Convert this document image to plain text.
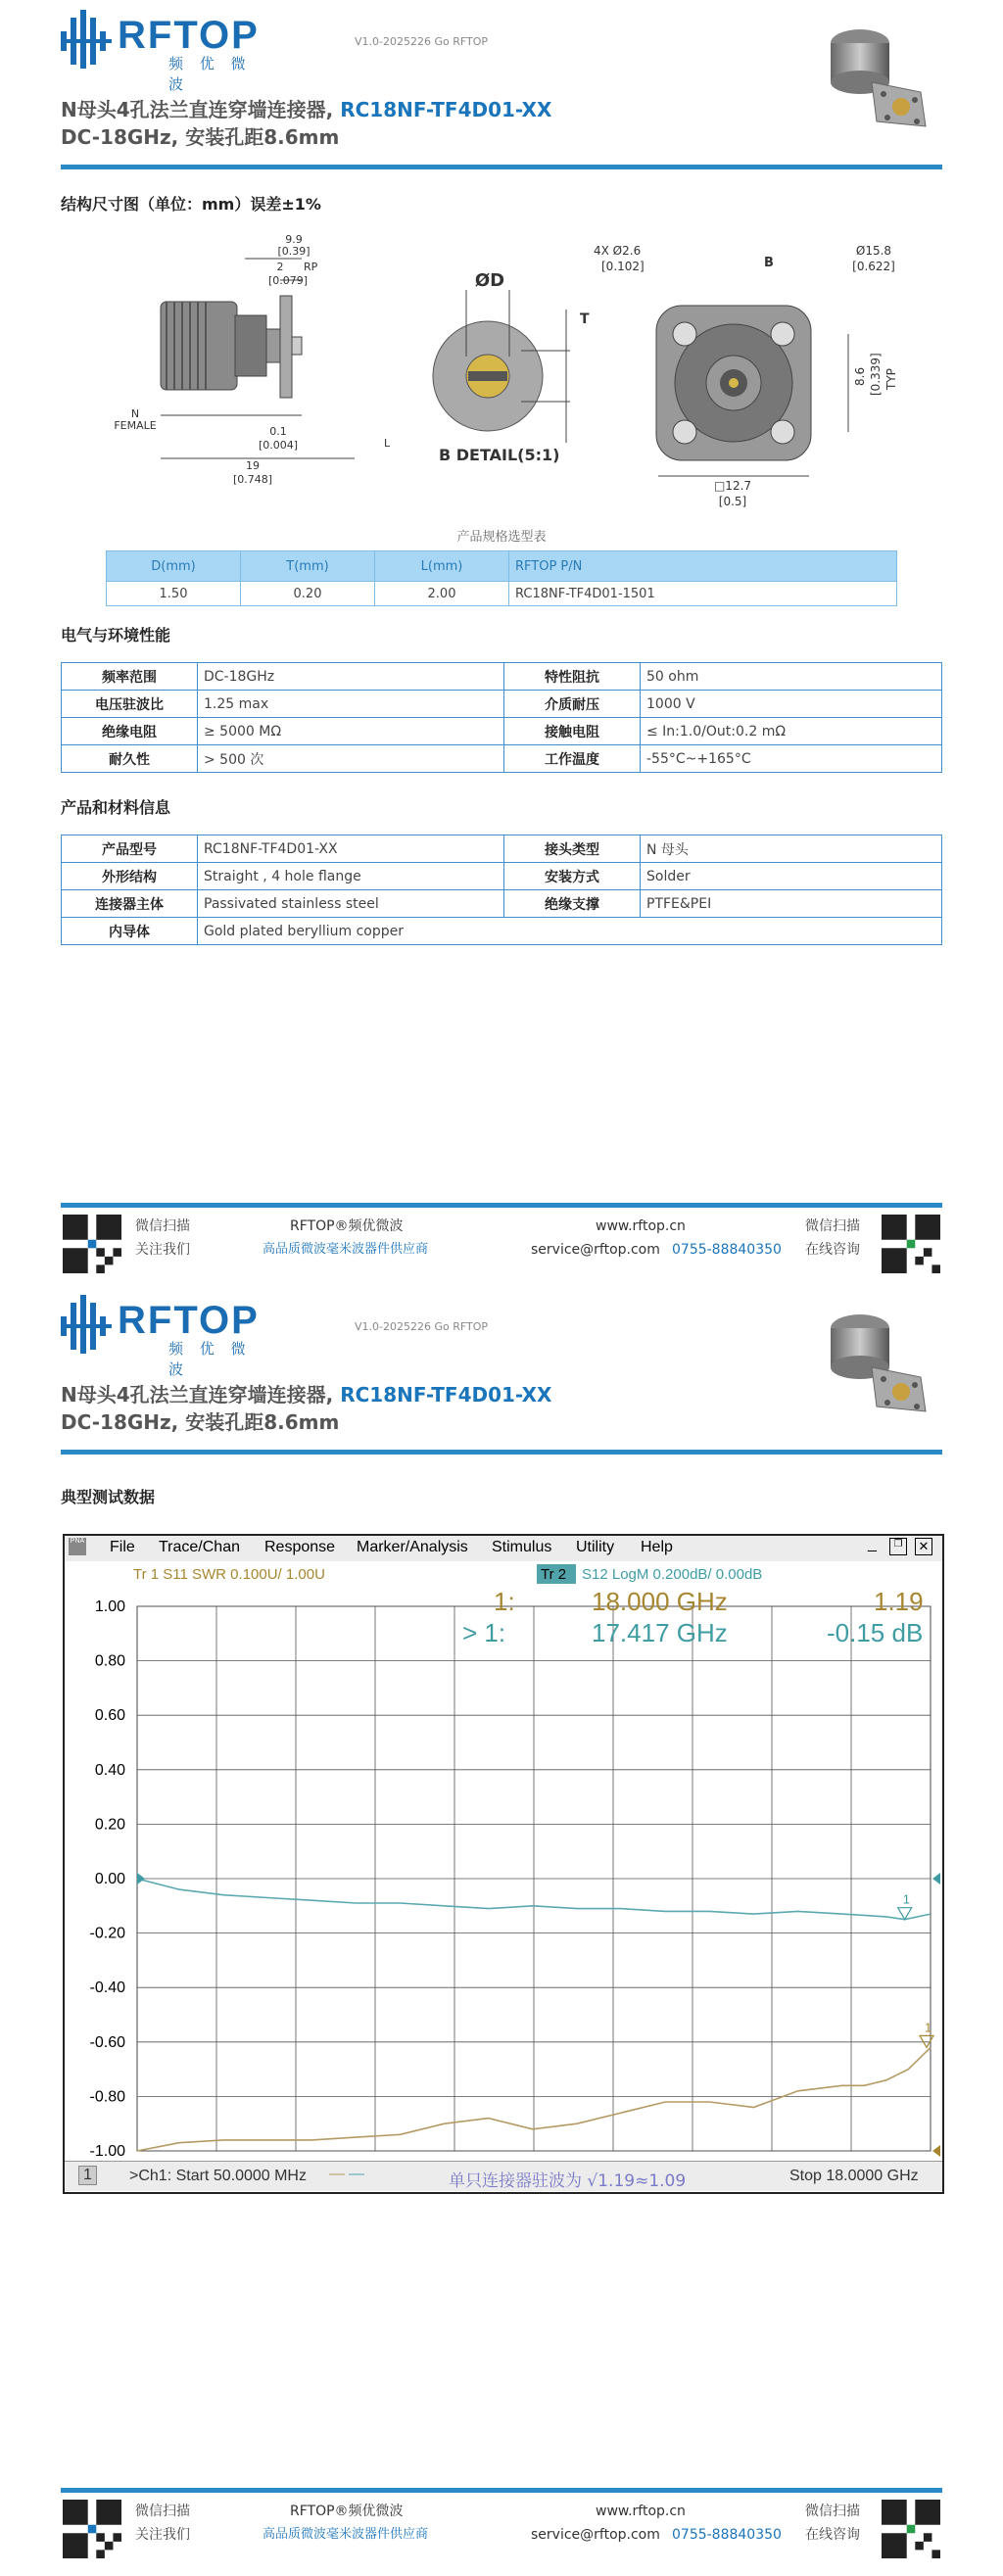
RFTOP
频 优 微 波
V1.0-2025226 Go RFTOP
N母头4孔法兰直连穿墙连接器, RC18NF-TF4D01-XX
DC-18GHz, 安装孔距8.6mm
结构尺寸图（单位：mm）误差±1%
9.9
[0.39]
2 RP
[0.079]
N
FEMALE	0.1
[0.004]	L
19
[0.748]
ØD
T
B DETAIL(5:1)
4X Ø2.6
[0.102]	B
Ø15.8
[0.622]
8.6 [0.339] TYP
□12.7
[0.5]
产品规格选型表
D(mm)	T(mm)	L(mm)	RFTOP P/N
1.50	0.20	2.00	RC18NF-TF4D01-1501
电气与环境性能
频率范围	DC-18GHz	特性阻抗	50 ohm
电压驻波比	1.25 max	介质耐压	1000 V
绝缘电阻	≥ 5000 MΩ	接触电阻	≤ In:1.0/Out:0.2 mΩ
耐久性	> 500 次	工作温度	-55°C~+165°C
产品和材料信息
产品型号	RC18NF-TF4D01-XX	接头类型	N 母头
外形结构	Straight , 4 hole flange	安装方式	Solder
连接器主体	Passivated stainless steel	绝缘支撑	PTFE&PEI
内导体	Gold plated beryllium copper		
微信扫描
关注我们
RFTOP®频优微波
高品质微波毫米波器件供应商
www.rftop.cn
service@rftop.com 0755-88840350
微信扫描
在线咨询
RFTOP
频 优 微 波
V1.0-2025226 Go RFTOP
N母头4孔法兰直连穿墙连接器, RC18NF-TF4D01-XX
DC-18GHz, 安装孔距8.6mm
典型测试数据
微信扫描
关注我们
RFTOP®频优微波
高品质微波毫米波器件供应商
www.rftop.cn
service@rftop.com 0755-88840350
微信扫描
在线咨询
PNA File Trace/Chan Response Marker/Analysis Stimulus Utility Help	_	❐	✕
Tr 1 S11 SWR 0.100U/ 1.00U	Tr 2 S12 LogM 0.200dB/ 0.00dB
1.00
0.80
0.60
0.40
0.20
0.00
-0.20
-0.40
-0.60
-0.80
-1.00
1
1
1:	18.000 GHz	1.19
> 1:	17.417 GHz	-0.15 dB
1	>Ch1: Start 50.0000 MHz — —	单只连接器驻波为 √1.19≈1.09	Stop 18.0000 GHz
